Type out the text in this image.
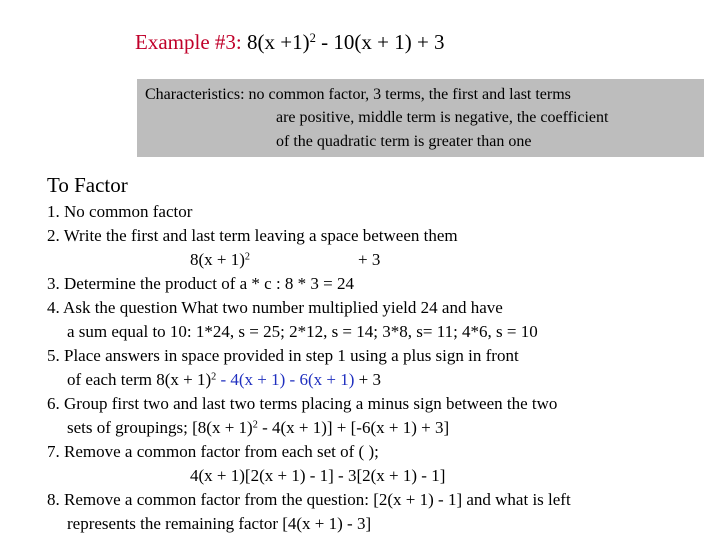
Example #3: $8(x +1)^2 - 10(x + 1) + 3$
Characteristics: no common factor, 3 terms, the first and last terms
are positive, middle term is negative, the coefficient
of the quadratic term is greater than one
To Factor
1. No common factor
2. Write the first and last term leaving a space between them
$8(x + 1)^2$	+ 3
3. Determine the product of a * c : 8 * 3 = 24
4. Ask the question What two number multiplied yield 24 and have
a sum equal to 10: 1*24, s = 25; 2*12, s = 14; 3*8, s= 11; 4*6, s = 10
5. Place answers in space provided in step 1 using a plus sign in front
of each term $8(x + 1)^2 - 4(x + 1) - 6(x + 1) + 3$
6. Group first two and last two terms placing a minus sign between the two
sets of groupings; $[8(x + 1)^2 - 4(x + 1)] + [-6(x + 1) + 3]$
7. Remove a common factor from each set of ( );
4(x + 1)[2(x + 1) - 1] - 3[2(x + 1) - 1]
8. Remove a common factor from the question: [2(x + 1) - 1] and what is left
represents the remaining factor [4(x + 1) - 3]
